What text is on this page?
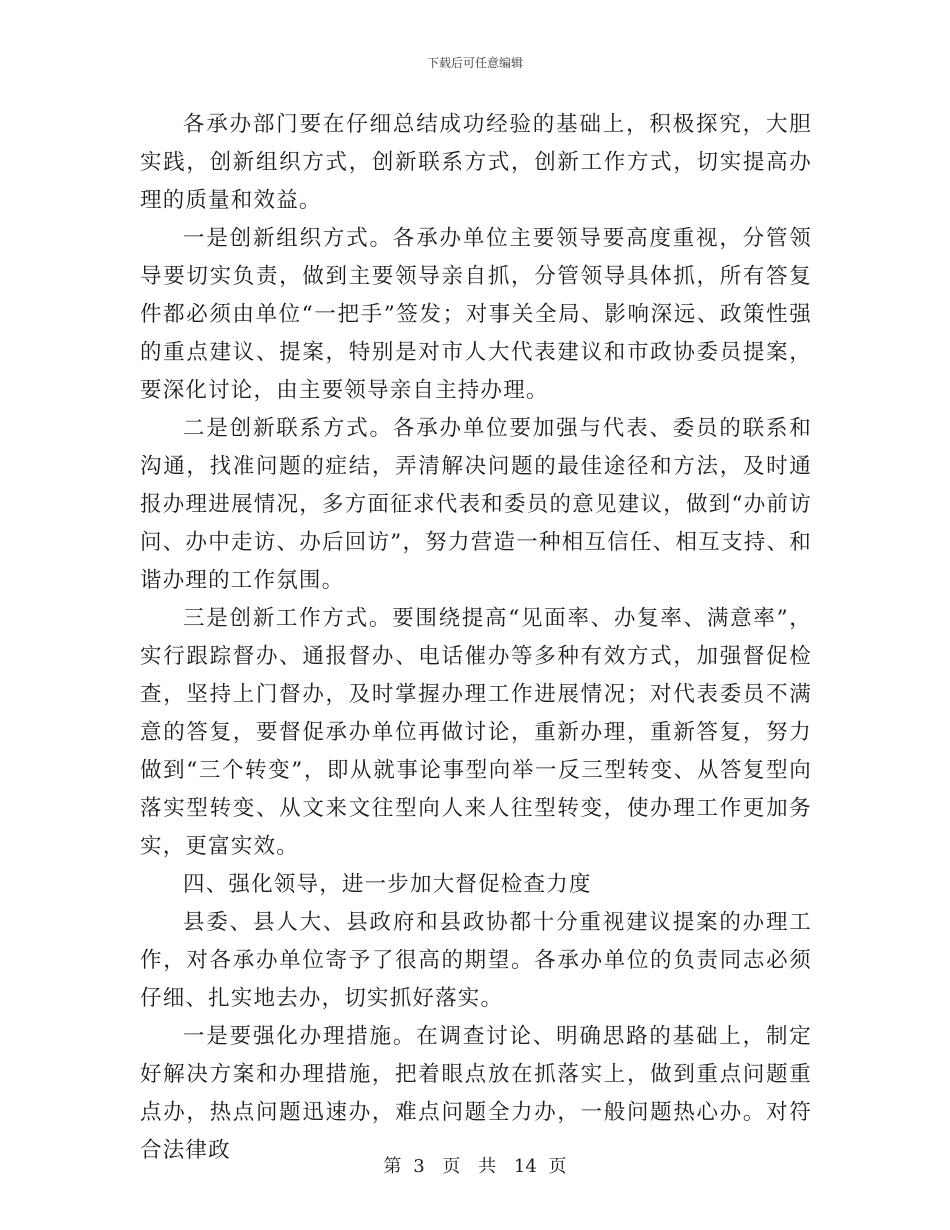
下载后可任意编辑

各承办部门要在仔细总结成功经验的基础上，积极探究，大胆实践，创新组织方式，创新联系方式，创新工作方式，切实提高办理的质量和效益。

一是创新组织方式。各承办单位主要领导要高度重视，分管领导要切实负责，做到主要领导亲自抓，分管领导具体抓，所有答复件都必须由单位“一把手”签发；对事关全局、影响深远、政策性强的重点建议、提案，特别是对市人大代表建议和市政协委员提案，要深化讨论，由主要领导亲自主持办理。

二是创新联系方式。各承办单位要加强与代表、委员的联系和沟通，找准问题的症结，弄清解决问题的最佳途径和方法，及时通报办理进展情况，多方面征求代表和委员的意见建议，做到“办前访问、办中走访、办后回访”，努力营造一种相互信任、相互支持、和谐办理的工作氛围。

三是创新工作方式。要围绕提高“见面率、办复率、满意率”，实行跟踪督办、通报督办、电话催办等多种有效方式，加强督促检查，坚持上门督办，及时掌握办理工作进展情况；对代表委员不满意的答复，要督促承办单位再做讨论，重新办理，重新答复，努力做到“三个转变”，即从就事论事型向举一反三型转变、从答复型向落实型转变、从文来文往型向人来人往型转变，使办理工作更加务实，更富实效。

四、强化领导，进一步加大督促检查力度

县委、县人大、县政府和县政协都十分重视建议提案的办理工作，对各承办单位寄予了很高的期望。各承办单位的负责同志必须仔细、扎实地去办，切实抓好落实。

一是要强化办理措施。在调查讨论、明确思路的基础上，制定好解决方案和办理措施，把着眼点放在抓落实上，做到重点问题重点办，热点问题迅速办，难点问题全力办，一般问题热心办。对符合法律政

第 3 页 共 14 页
